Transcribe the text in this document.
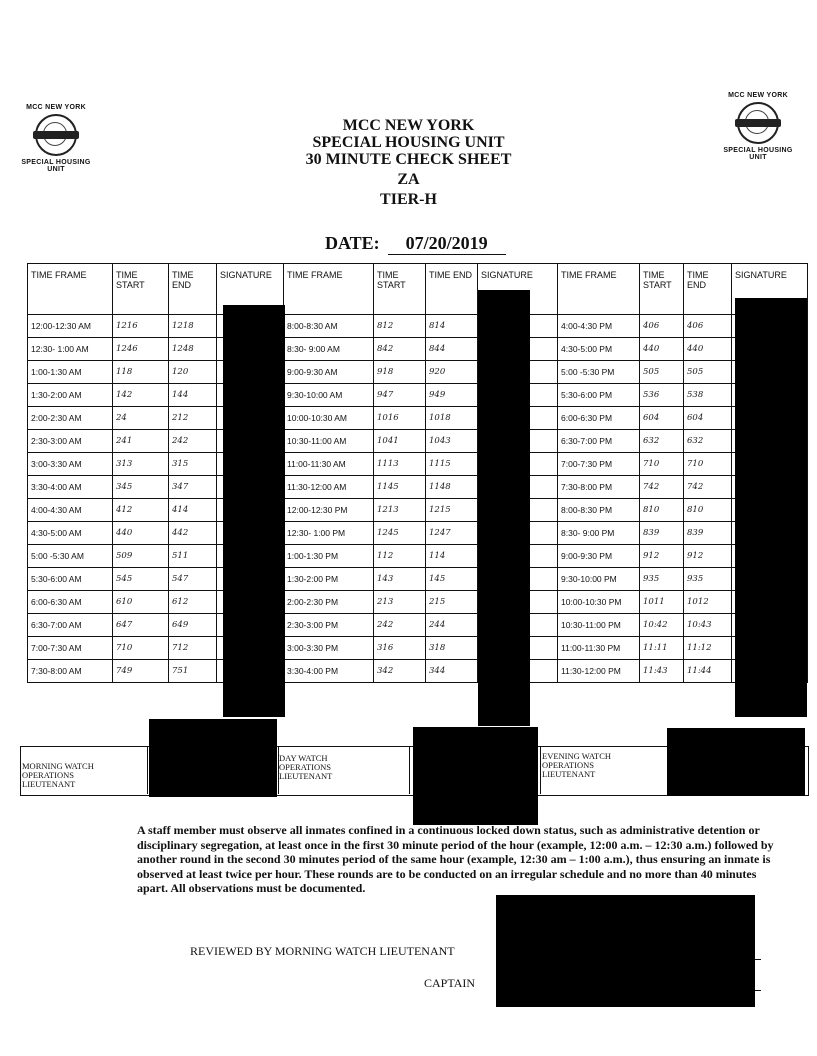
MCC NEW YORK
SPECIAL HOUSING UNIT
MCC NEW YORK
SPECIAL HOUSING UNIT
MCC NEW YORK
SPECIAL HOUSING UNIT
30 MINUTE CHECK SHEET
ZA
TIER-H
DATE: 07/20/2019
TIME FRAME	TIME START	TIME END	SIGNATURE	TIME FRAME	TIME START	TIME END	SIGNATURE	TIME FRAME	TIME START	TIME END	SIGNATURE
12:00-12:30 AM	1216	1218		8:00-8:30 AM	812	814		4:00-4:30 PM	406	406	
12:30- 1:00 AM	1246	1248		8:30- 9:00 AM	842	844		4:30-5:00 PM	440	440	
1:00-1:30 AM	118	120		9:00-9:30 AM	918	920		5:00 -5:30 PM	505	505	
1:30-2:00 AM	142	144		9:30-10:00 AM	947	949		5:30-6:00 PM	536	538	
2:00-2:30 AM	24	212		10:00-10:30 AM	1016	1018		6:00-6:30 PM	604	604	
2:30-3:00 AM	241	242		10:30-11:00 AM	1041	1043		6:30-7:00 PM	632	632	
3:00-3:30 AM	313	315		11:00-11:30 AM	1113	1115		7:00-7:30 PM	710	710	
3:30-4:00 AM	345	347		11:30-12:00 AM	1145	1148		7:30-8:00 PM	742	742	
4:00-4:30 AM	412	414		12:00-12:30 PM	1213	1215		8:00-8:30 PM	810	810	
4:30-5:00 AM	440	442		12:30- 1:00 PM	1245	1247		8:30- 9:00 PM	839	839	
5:00 -5:30 AM	509	511		1:00-1:30 PM	112	114		9:00-9:30 PM	912	912	
5:30-6:00 AM	545	547		1:30-2:00 PM	143	145		9:30-10:00 PM	935	935	
6:00-6:30 AM	610	612		2:00-2:30 PM	213	215		10:00-10:30 PM	1011	1012	
6:30-7:00 AM	647	649		2:30-3:00 PM	242	244		10:30-11:00 PM	10:42	10:43	
7:00-7:30 AM	710	712		3:00-3:30 PM	316	318		11:00-11:30 PM	11:11	11:12	
7:30-8:00 AM	749	751		3:30-4:00 PM	342	344		11:30-12:00 PM	11:43	11:44	
MORNING WATCH OPERATIONS LIEUTENANT
DAY WATCH OPERATIONS LIEUTENANT
EVENING WATCH OPERATIONS LIEUTENANT
A staff member must observe all inmates confined in a continuous locked down status, such as administrative detention or disciplinary segregation, at least once in the first 30 minute period of the hour (example, 12:00 a.m. – 12:30 a.m.) followed by another round in the second 30 minutes period of the same hour (example, 12:30 am – 1:00 a.m.), thus ensuring an inmate is observed at least twice per hour. These rounds are to be conducted on an irregular schedule and no more than 40 minutes apart. All observations must be documented.
REVIEWED BY MORNING WATCH LIEUTENANT
CAPTAIN
